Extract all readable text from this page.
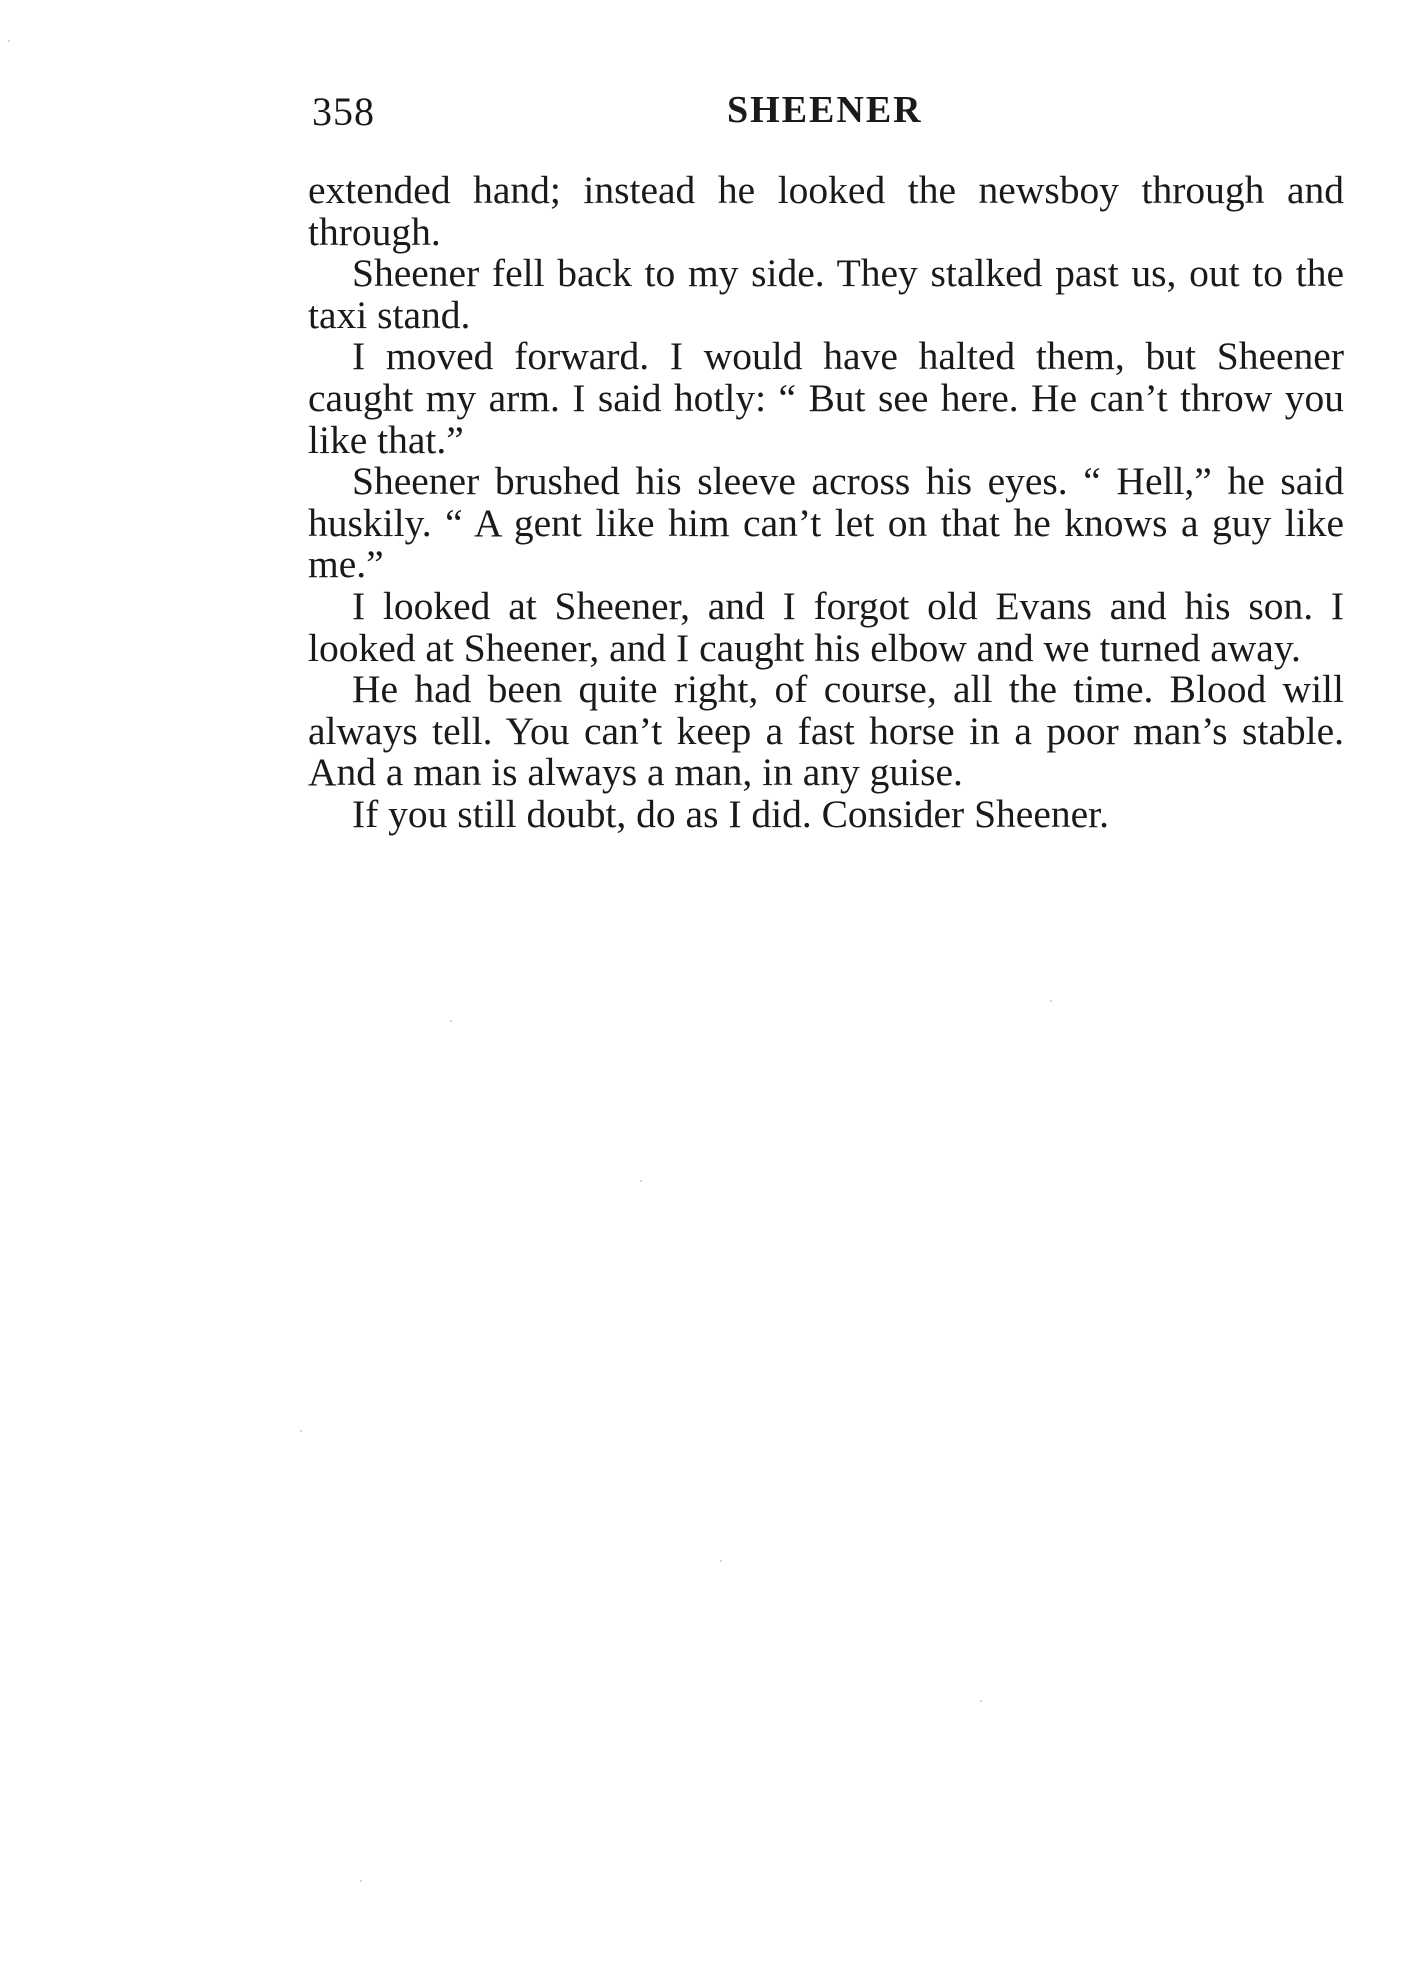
358	SHEENER

extended hand; instead he looked the newsboy through and through.

Sheener fell back to my side. They stalked past us, out to the taxi stand.

I moved forward. I would have halted them, but Sheener caught my arm. I said hotly: “ But see here. He can’t throw you like that.”

Sheener brushed his sleeve across his eyes. “ Hell,” he said huskily. “ A gent like him can’t let on that he knows a guy like me.”

I looked at Sheener, and I forgot old Evans and his son. I looked at Sheener, and I caught his elbow and we turned away.

He had been quite right, of course, all the time. Blood will always tell. You can’t keep a fast horse in a poor man’s stable. And a man is always a man, in any guise.

If you still doubt, do as I did. Consider Sheener.
